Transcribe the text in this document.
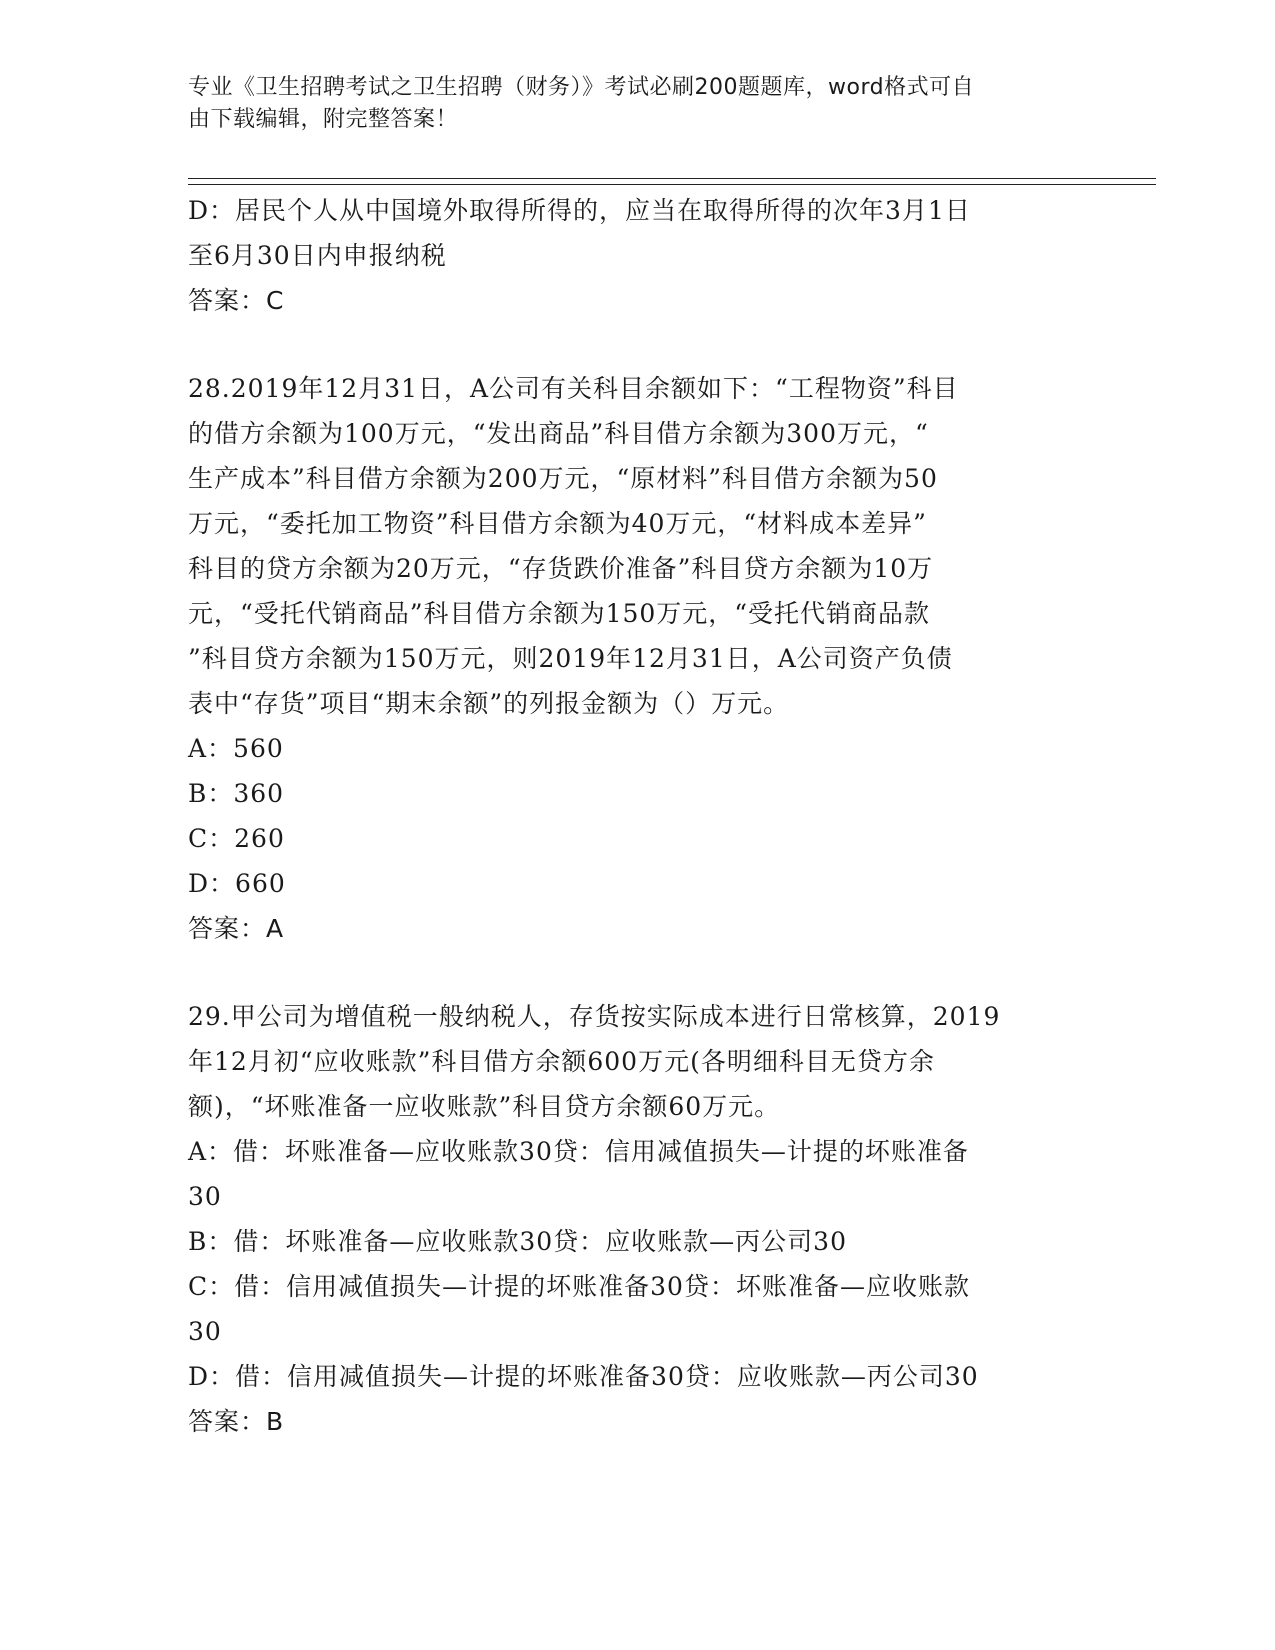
专业《卫生招聘考试之卫生招聘（财务）》考试必刷200题题库，word格式可自
由下载编辑，附完整答案！

D：居民个人从中国境外取得所得的，应当在取得所得的次年3月1日

至6月30日内申报纳税

答案：C

28.2019年12月31日，A公司有关科目余额如下：“工程物资”科目

的借方余额为100万元，“发出商品”科目借方余额为300万元，“

生产成本”科目借方余额为200万元，“原材料”科目借方余额为50

万元，“委托加工物资”科目借方余额为40万元，“材料成本差异”

科目的贷方余额为20万元，“存货跌价准备”科目贷方余额为10万

元，“受托代销商品”科目借方余额为150万元，“受托代销商品款

”科目贷方余额为150万元，则2019年12月31日，A公司资产负债

表中“存货”项目“期末余额”的列报金额为（）万元。

A：560

B：360

C：260

D：660

答案：A

29.甲公司为增值税一般纳税人，存货按实际成本进行日常核算，2019

年12月初“应收账款”科目借方余额600万元(各明细科目无贷方余

额)，“坏账准备一应收账款”科目贷方余额60万元。

A：借：坏账准备—应收账款30贷：信用减值损失—计提的坏账准备

30

B：借：坏账准备—应收账款30贷：应收账款—丙公司30

C：借：信用减值损失—计提的坏账准备30贷：坏账准备—应收账款

30

D：借：信用减值损失—计提的坏账准备30贷：应收账款—丙公司30

答案：B
